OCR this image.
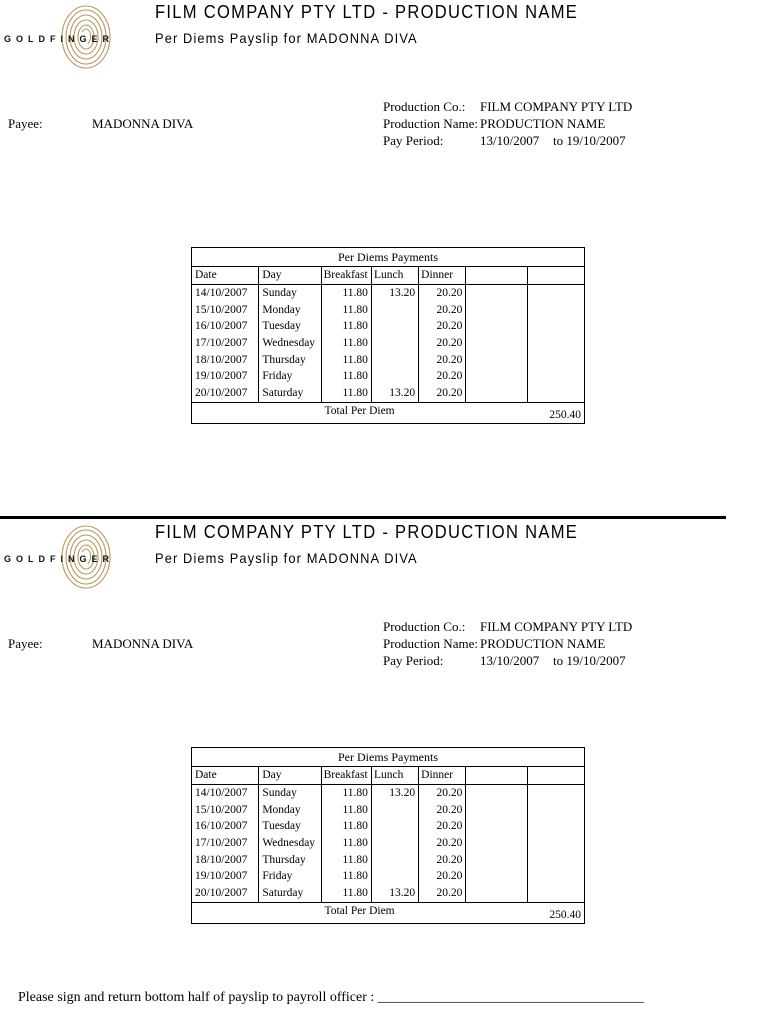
GOLDFINGER
FILM COMPANY PTY LTD - PRODUCTION NAME
Per Diems Payslip for MADONNA DIVA
Payee:	MADONNA DIVA
Production Co.: FILM COMPANY PTY LTD
Production Name: PRODUCTION NAME
Pay Period:	13/10/2007 to 19/10/2007
Per Diems Payments						
Date	Day	Breakfast	Lunch	Dinner		
14/10/2007	Sunday	11.80	13.20	20.20		
15/10/2007	Monday	11.80		20.20		
16/10/2007	Tuesday	11.80		20.20		
17/10/2007	Wednesday	11.80		20.20		
18/10/2007	Thursday	11.80		20.20		
19/10/2007	Friday	11.80		20.20		
20/10/2007	Saturday	11.80	13.20	20.20		
Total Per Diem						250.40
GOLDFINGER
FILM COMPANY PTY LTD - PRODUCTION NAME
Per Diems Payslip for MADONNA DIVA
Payee:	MADONNA DIVA
Production Co.: FILM COMPANY PTY LTD
Production Name: PRODUCTION NAME
Pay Period:	13/10/2007 to 19/10/2007
Per Diems Payments						
Date	Day	Breakfast	Lunch	Dinner		
14/10/2007	Sunday	11.80	13.20	20.20		
15/10/2007	Monday	11.80		20.20		
16/10/2007	Tuesday	11.80		20.20		
17/10/2007	Wednesday	11.80		20.20		
18/10/2007	Thursday	11.80		20.20		
19/10/2007	Friday	11.80		20.20		
20/10/2007	Saturday	11.80	13.20	20.20		
Total Per Diem						250.40
Please sign and return bottom half of payslip to payroll officer : ______________________________________
